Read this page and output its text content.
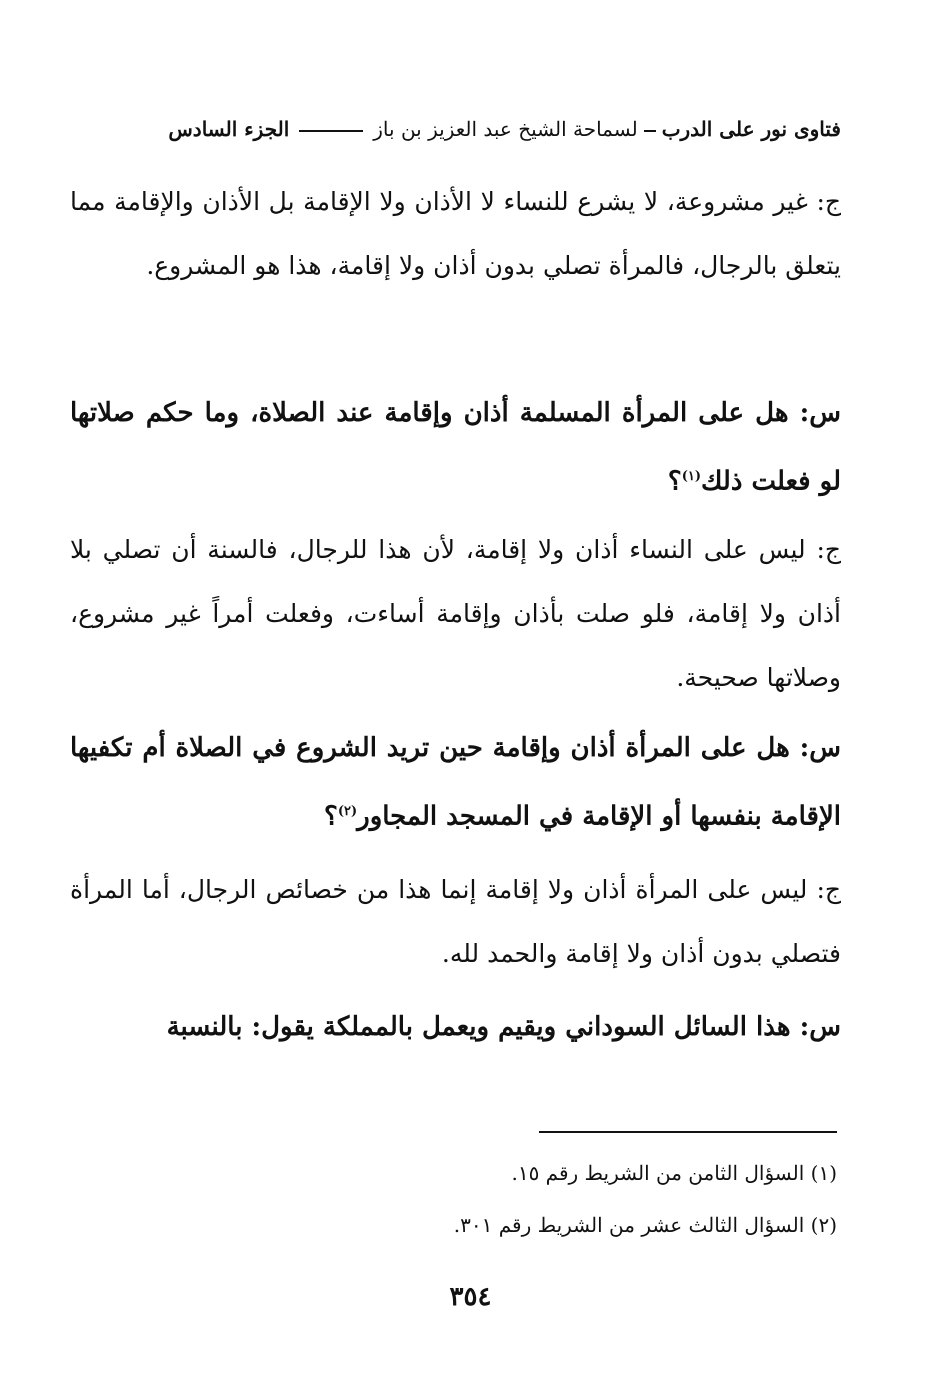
فتاوى نور على الدرب
لسماحة الشيخ عبد العزيز بن باز
الجزء السادس
ج: غير مشروعة، لا يشرع للنساء لا الأذان ولا الإقامة بل الأذان والإقامة مما يتعلق بالرجال، فالمرأة تصلي بدون أذان ولا إقامة، هذا هو المشروع.
س: هل على المرأة المسلمة أذان وإقامة عند الصلاة، وما حكم صلاتها لو فعلت ذلك$^{(١)}$؟
ج: ليس على النساء أذان ولا إقامة، لأن هذا للرجال، فالسنة أن تصلي بلا أذان ولا إقامة، فلو صلت بأذان وإقامة أساءت، وفعلت أمراً غير مشروع، وصلاتها صحيحة.
س: هل على المرأة أذان وإقامة حين تريد الشروع في الصلاة أم تكفيها الإقامة بنفسها أو الإقامة في المسجد المجاور$^{(٢)}$؟
ج: ليس على المرأة أذان ولا إقامة إنما هذا من خصائص الرجال، أما المرأة فتصلي بدون أذان ولا إقامة والحمد لله.
س: هذا السائل السوداني ويقيم ويعمل بالمملكة يقول: بالنسبة
(١) السؤال الثامن من الشريط رقم ١٥.
(٢) السؤال الثالث عشر من الشريط رقم ٣٠١.
٣٥٤
